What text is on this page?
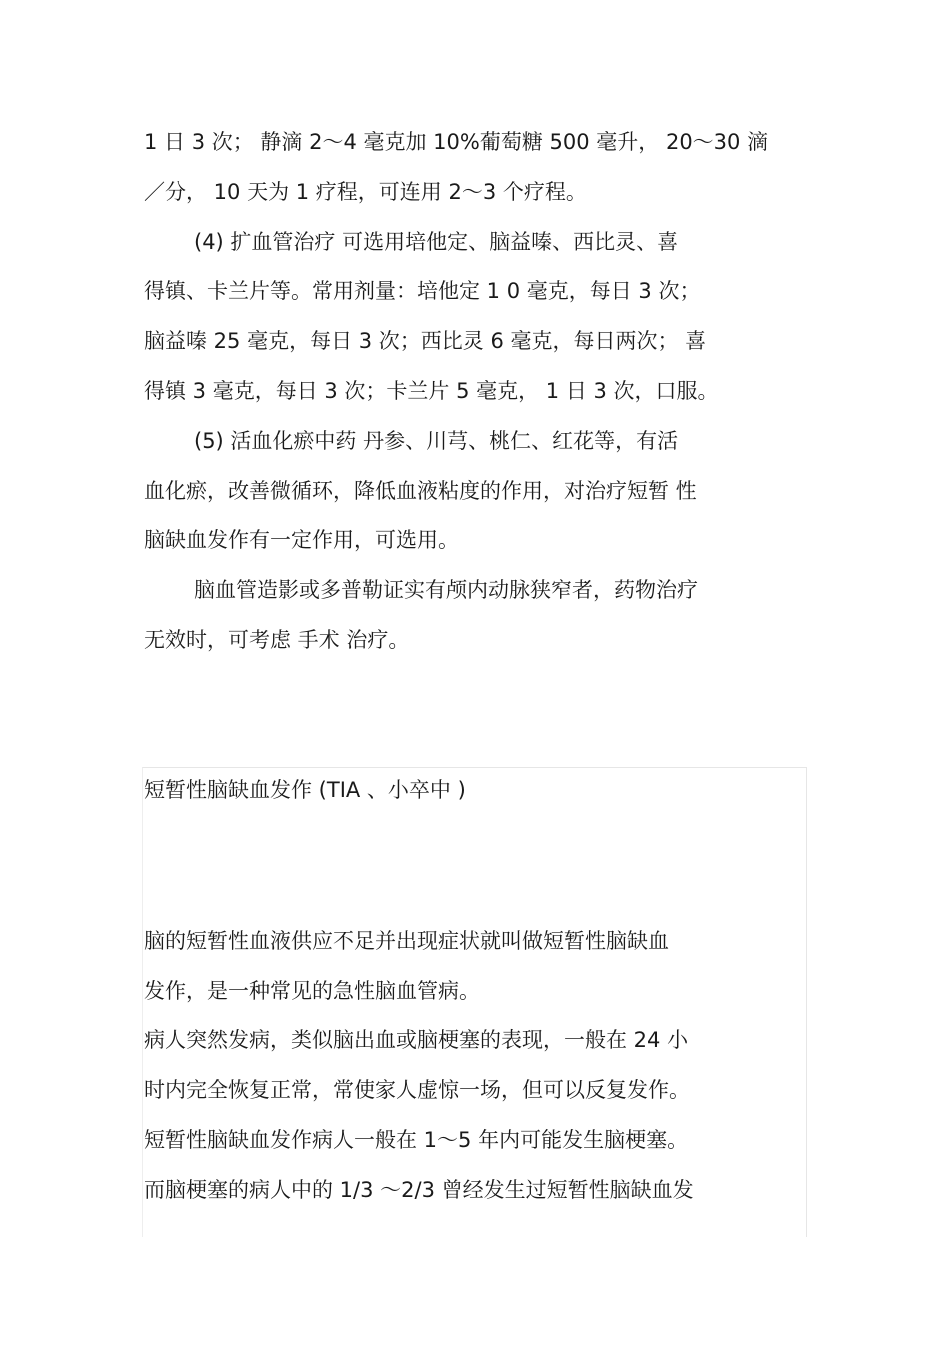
1 日 3 次； 静滴 2～4 毫克加 10%葡萄糖 500 毫升， 20～30 滴
／分， 10 天为 1 疗程，可连用 2～3 个疗程。
(4) 扩血管治疗 可选用培他定、脑益嗪、西比灵、喜
得镇、卡兰片等。常用剂量：培他定 1 0 毫克，每日 3 次；
脑益嗪 25 毫克，每日 3 次；西比灵 6 毫克，每日两次； 喜
得镇 3 毫克，每日 3 次；卡兰片 5 毫克， 1 日 3 次，口服。
(5) 活血化瘀中药 丹参、川芎、桃仁、红花等，有活
血化瘀，改善微循环，降低血液粘度的作用，对治疗短暂 性
脑缺血发作有一定作用，可选用。
脑血管造影或多普勒证实有颅内动脉狭窄者，药物治疗
无效时，可考虑 手术 治疗。
短暂性脑缺血发作 (TIA 、小卒中 )
脑的短暂性血液供应不足并出现症状就叫做短暂性脑缺血
发作，是一种常见的急性脑血管病。
病人突然发病，类似脑出血或脑梗塞的表现，一般在 24 小
时内完全恢复正常，常使家人虚惊一场，但可以反复发作。
短暂性脑缺血发作病人一般在 1～5 年内可能发生脑梗塞。
而脑梗塞的病人中的 1/3 ～2/3 曾经发生过短暂性脑缺血发
